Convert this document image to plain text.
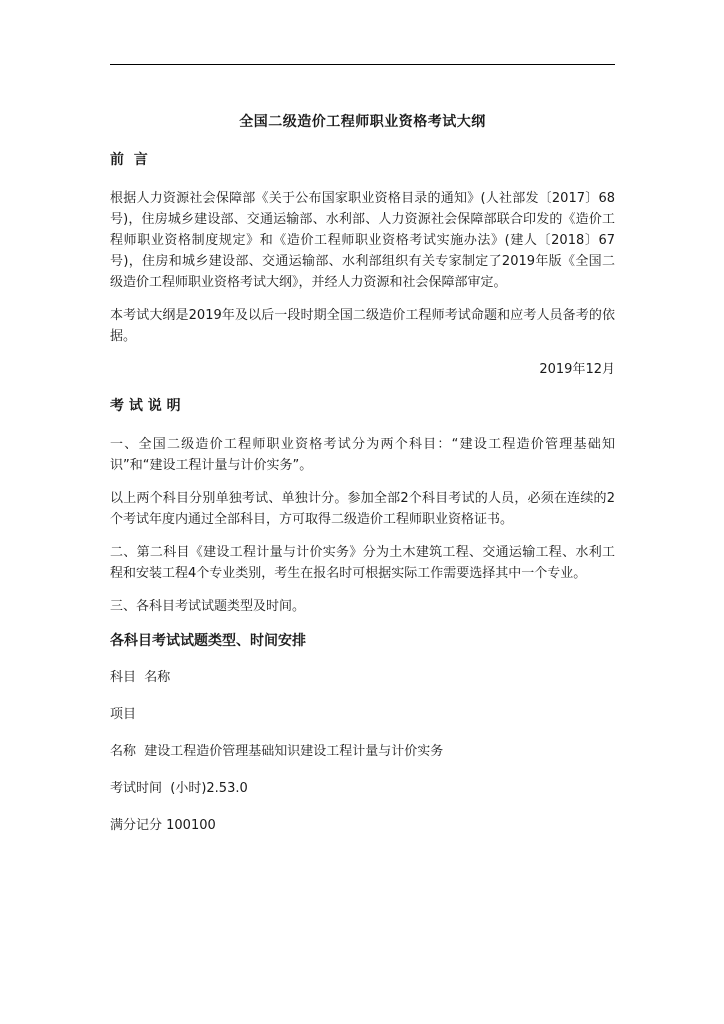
全国二级造价工程师职业资格考试大纲
前  言
根据人力资源社会保障部《关于公布国家职业资格目录的通知》(人社部发〔2017〕68号)，住房城乡建设部、交通运输部、水利部、人力资源社会保障部联合印发的《造价工程师职业资格制度规定》和《造价工程师职业资格考试实施办法》(建人〔2018〕67号)，住房和城乡建设部、交通运输部、水利部组织有关专家制定了2019年版《全国二级造价工程师职业资格考试大纲》，并经人力资源和社会保障部审定。
本考试大纲是2019年及以后一段时期全国二级造价工程师考试命题和应考人员备考的依据。
2019年12月
考 试 说 明
一、全国二级造价工程师职业资格考试分为两个科目：“建设工程造价管理基础知识”和“建设工程计量与计价实务”。
以上两个科目分别单独考试、单独计分。参加全部2个科目考试的人员，必须在连续的2个考试年度内通过全部科目，方可取得二级造价工程师职业资格证书。
二、第二科目《建设工程计量与计价实务》分为土木建筑工程、交通运输工程、水利工程和安装工程4个专业类别，考生在报名时可根据实际工作需要选择其中一个专业。
三、各科目考试试题类型及时间。
各科目考试试题类型、时间安排
科目  名称
项目
名称  建设工程造价管理基础知识建设工程计量与计价实务
考试时间  (小时)2.53.0
满分记分 100100
